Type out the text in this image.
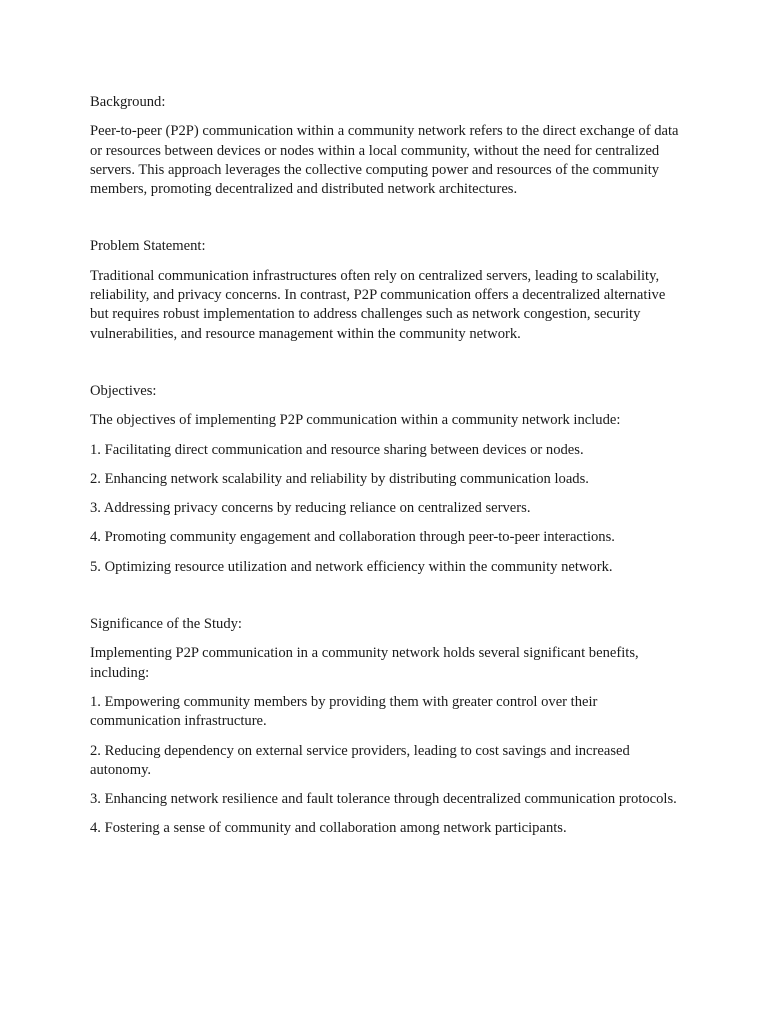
Background:

Peer-to-peer (P2P) communication within a community network refers to the direct exchange of data or resources between devices or nodes within a local community, without the need for centralized servers. This approach leverages the collective computing power and resources of the community members, promoting decentralized and distributed network architectures.

Problem Statement:

Traditional communication infrastructures often rely on centralized servers, leading to scalability, reliability, and privacy concerns. In contrast, P2P communication offers a decentralized alternative but requires robust implementation to address challenges such as network congestion, security vulnerabilities, and resource management within the community network.

Objectives:

The objectives of implementing P2P communication within a community network include:

1. Facilitating direct communication and resource sharing between devices or nodes.

2. Enhancing network scalability and reliability by distributing communication loads.

3. Addressing privacy concerns by reducing reliance on centralized servers.

4. Promoting community engagement and collaboration through peer-to-peer interactions.

5. Optimizing resource utilization and network efficiency within the community network.

Significance of the Study:

Implementing P2P communication in a community network holds several significant benefits, including:

1. Empowering community members by providing them with greater control over their communication infrastructure.

2. Reducing dependency on external service providers, leading to cost savings and increased autonomy.

3. Enhancing network resilience and fault tolerance through decentralized communication protocols.

4. Fostering a sense of community and collaboration among network participants.
